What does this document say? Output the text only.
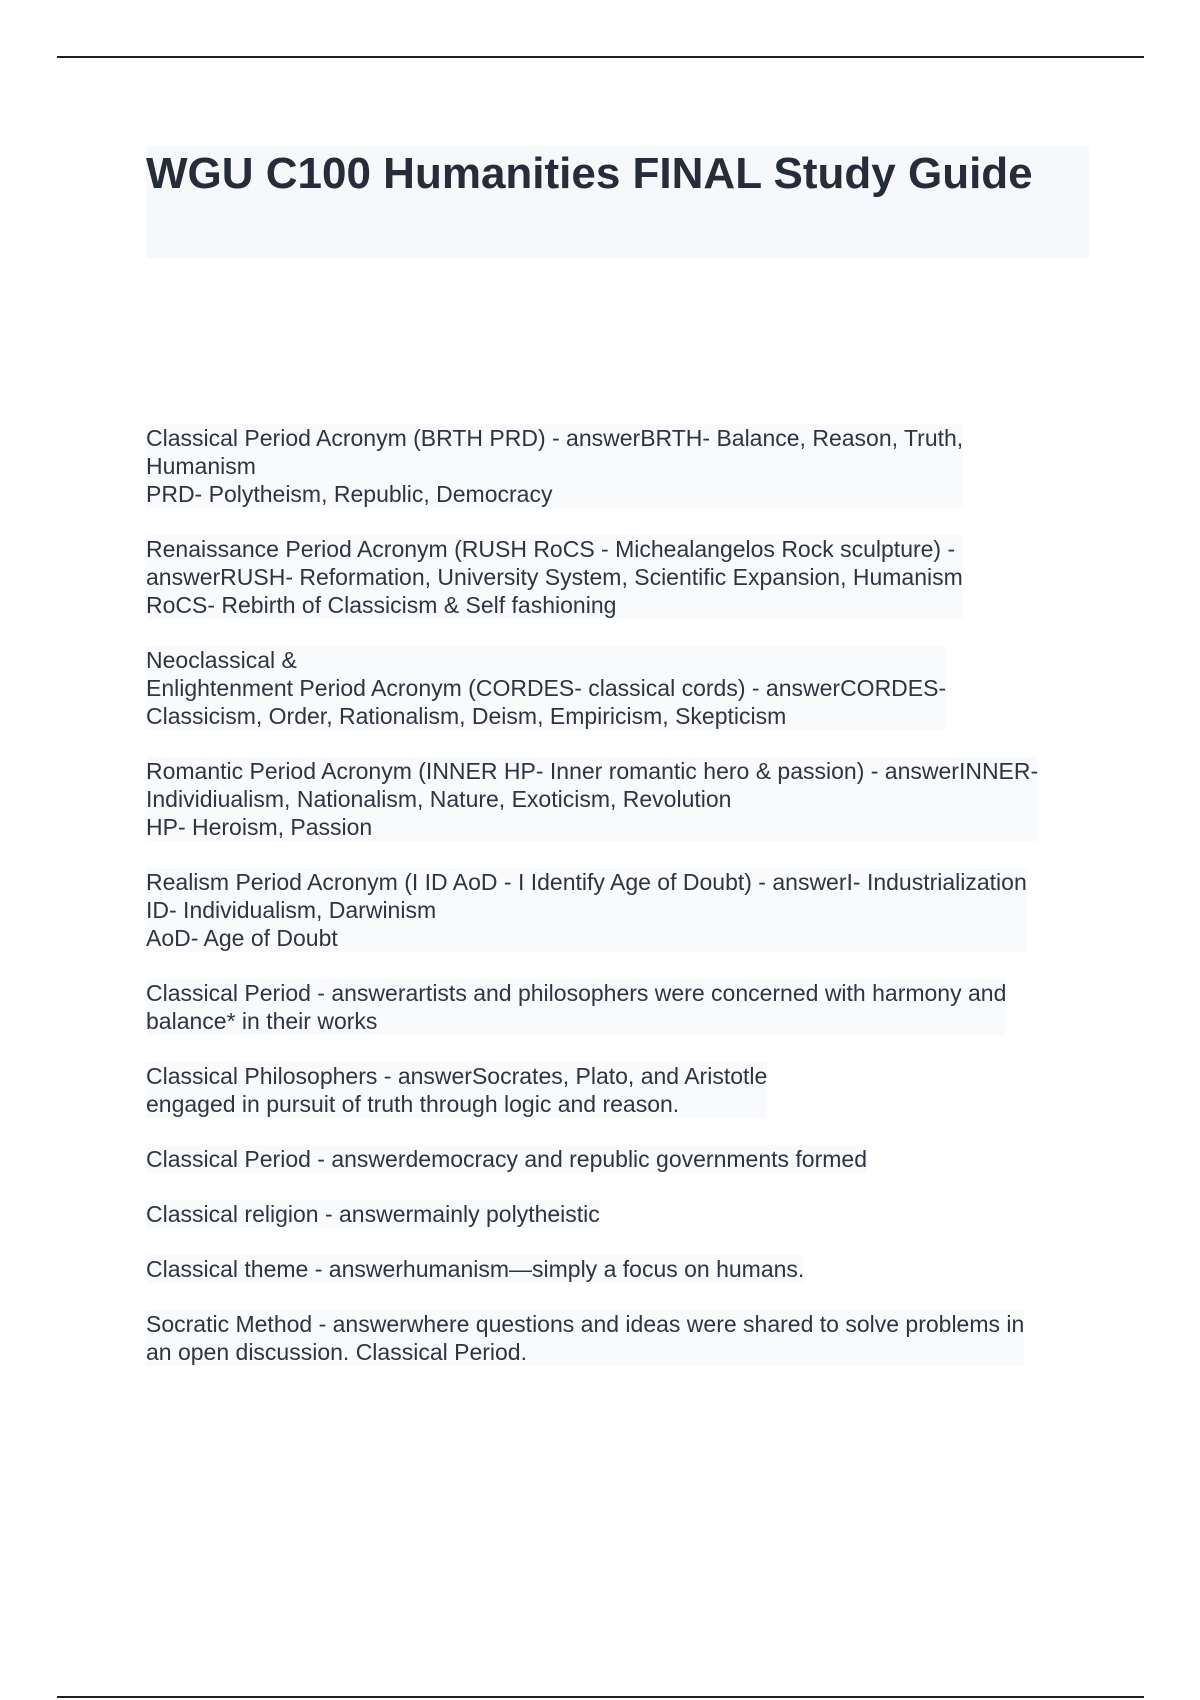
WGU C100 Humanities FINAL Study Guide

Classical Period Acronym (BRTH PRD) - answerBRTH- Balance, Reason, Truth,
Humanism
PRD- Polytheism, Republic, Democracy

Renaissance Period Acronym (RUSH RoCS - Michealangelos Rock sculpture) -
answerRUSH- Reformation, University System, Scientific Expansion, Humanism
RoCS- Rebirth of Classicism & Self fashioning

Neoclassical &
Enlightenment Period Acronym (CORDES- classical cords) - answerCORDES-
Classicism, Order, Rationalism, Deism, Empiricism, Skepticism

Romantic Period Acronym (INNER HP- Inner romantic hero & passion) - answerINNER-
Individiualism, Nationalism, Nature, Exoticism, Revolution
HP- Heroism, Passion

Realism Period Acronym (I ID AoD - I Identify Age of Doubt) - answerI- Industrialization
ID- Individualism, Darwinism
AoD- Age of Doubt

Classical Period - answerartists and philosophers were concerned with harmony and
balance* in their works

Classical Philosophers - answerSocrates, Plato, and Aristotle
engaged in pursuit of truth through logic and reason.

Classical Period - answerdemocracy and republic governments formed

Classical religion - answermainly polytheistic

Classical theme - answerhumanism—simply a focus on humans.

Socratic Method - answerwhere questions and ideas were shared to solve problems in
an open discussion. Classical Period.
